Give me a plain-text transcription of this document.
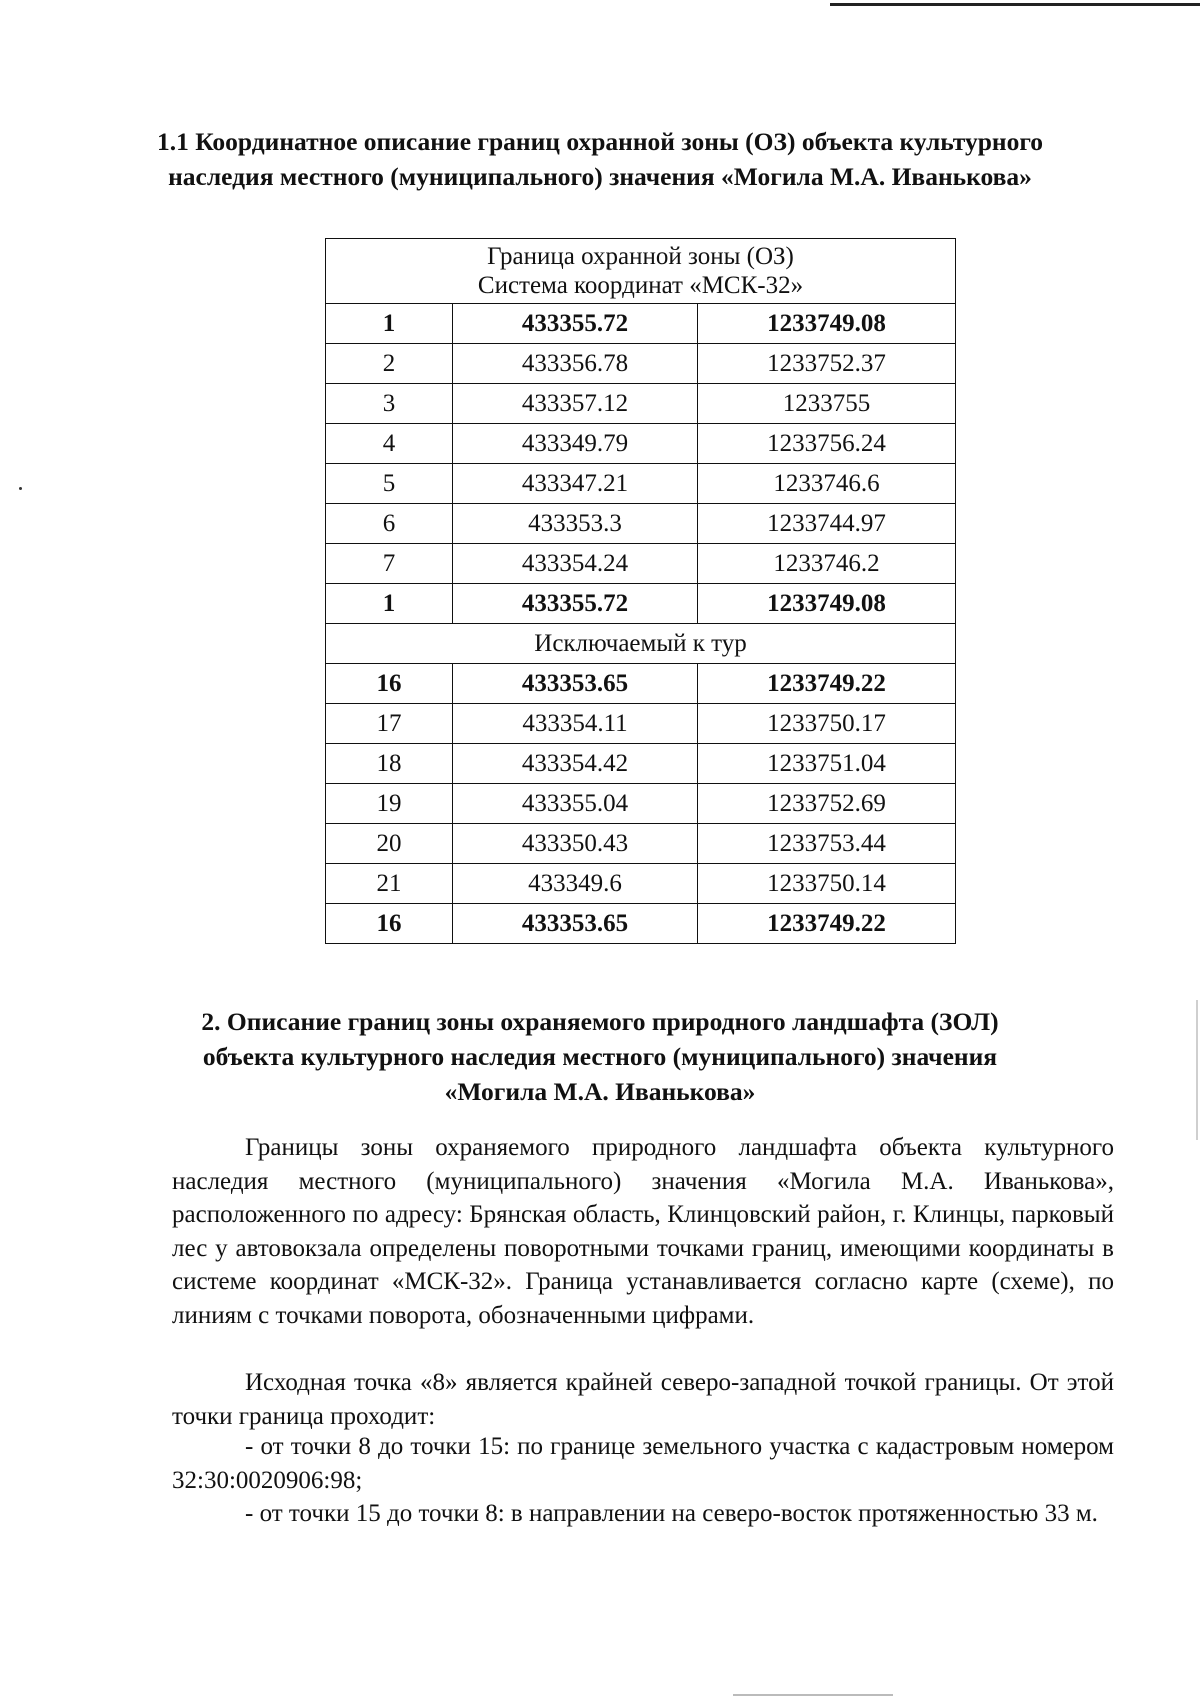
1.1 Координатное описание границ охранной зоны (ОЗ) объекта культурного наследия местного (муниципального) значения «Могила М.А. Иванькова»
Граница охранной зоны (ОЗ)
Система координат «МСК-32»		

1	433355.72	1233749.08
2	433356.78	1233752.37
3	433357.12	1233755
4	433349.79	1233756.24
5	433347.21	1233746.6
6	433353.3	1233744.97
7	433354.24	1233746.2
1	433355.72	1233749.08
Исключаемый к тур		
16	433353.65	1233749.22
17	433354.11	1233750.17
18	433354.42	1233751.04
19	433355.04	1233752.69
20	433350.43	1233753.44
21	433349.6	1233750.14
16	433353.65	1233749.22
2. Описание границ зоны охраняемого природного ландшафта (ЗОЛ) объекта культурного наследия местного (муниципального) значения «Могила М.А. Иванькова»
Границы зоны охраняемого природного ландшафта объекта культурного наследия местного (муниципального) значения «Могила М.А. Иванькова», расположенного по адресу: Брянская область, Клинцовский район, г. Клинцы, парковый лес у автовокзала определены поворотными точками границ, имеющими координаты в системе координат «МСК-32». Граница устанавливается согласно карте (схеме), по линиям с точками поворота, обозначенными цифрами.
Исходная точка «8» является крайней северо-западной точкой границы. От этой точки граница проходит:
- от точки 8 до точки 15: по границе земельного участка с кадастровым номером 32:30:0020906:98;
- от точки 15 до точки 8: в направлении на северо-восток протяженностью 33 м.
